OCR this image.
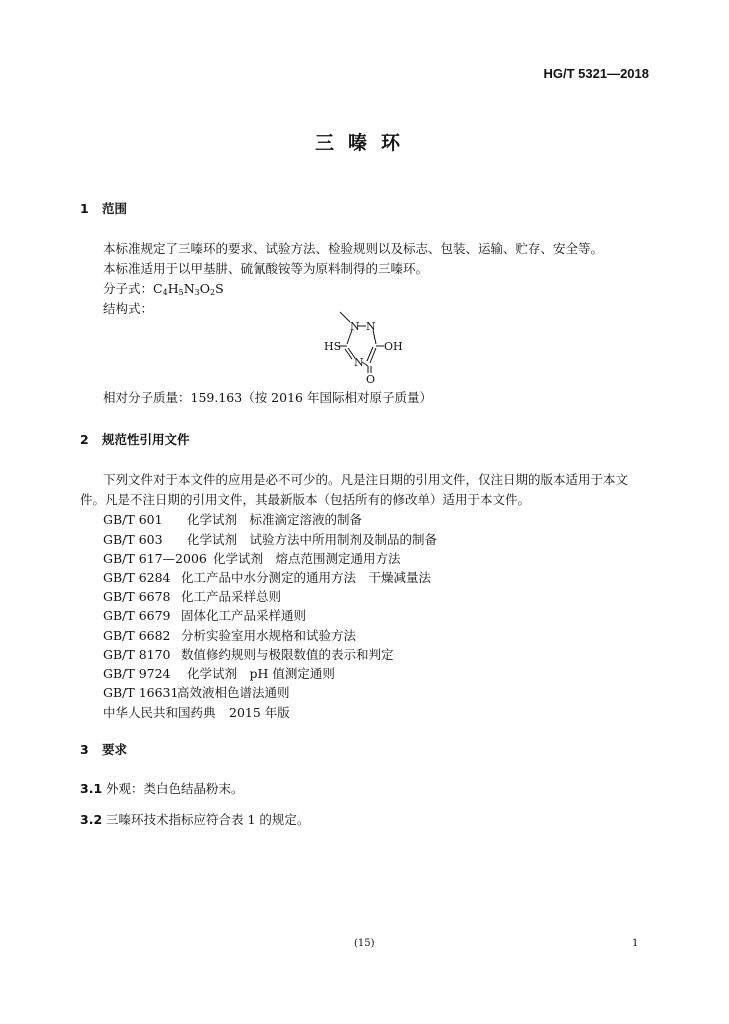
HG/T 5321—2018
三嗪环
1 范围
本标准规定了三嗪环的要求、试验方法、检验规则以及标志、包装、运输、贮存、安全等。
本标准适用于以甲基肼、硫氰酸铵等为原料制得的三嗪环。
分子式：$C_4H_5N_3O_2S$
结构式：
N N
N
HS	OH
O
相对分子质量：159.163（按 2016 年国际相对原子质量）
2 规范性引用文件
下列文件对于本文件的应用是必不可少的。凡是注日期的引用文件，仅注日期的版本适用于本文
件。凡是不注日期的引用文件，其最新版本（包括所有的修改单）适用于本文件。
GB/T 601 化学试剂　标准滴定溶液的制备
GB/T 603 化学试剂　试验方法中所用制剂及制品的制备
GB/T 617—2006 化学试剂　熔点范围测定通用方法
GB/T 6284 化工产品中水分测定的通用方法　干燥减量法
GB/T 6678 化工产品采样总则
GB/T 6679 固体化工产品采样通则
GB/T 6682 分析实验室用水规格和试验方法
GB/T 8170 数值修约规则与极限数值的表示和判定
GB/T 9724 化学试剂　pH 值测定通则
GB/T 16631高效液相色谱法通则
中华人民共和国药典 2015 年版
3 要求
3.1 外观：类白色结晶粉末。
3.2 三嗪环技术指标应符合表 1 的规定。
(15)	1
